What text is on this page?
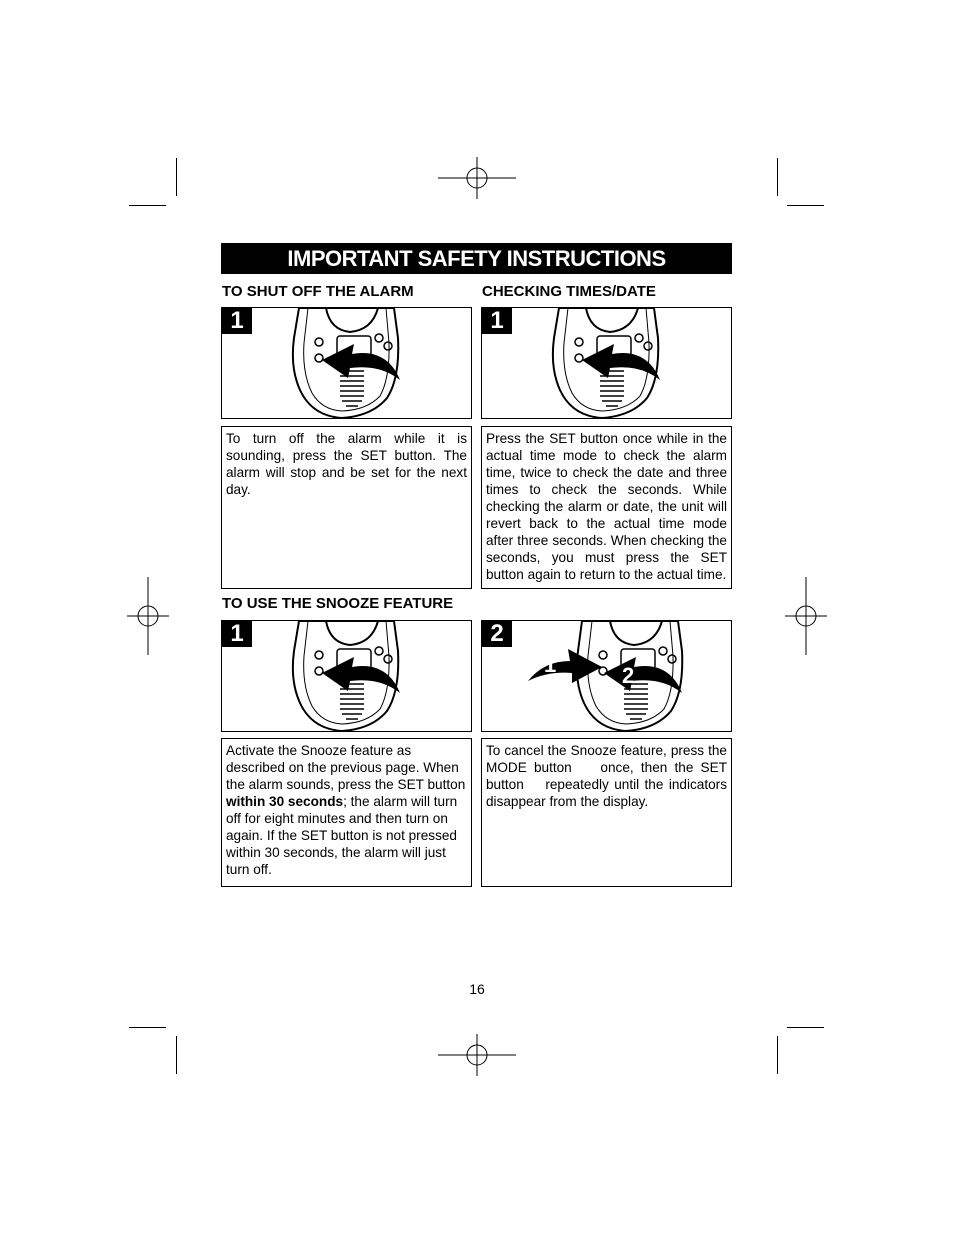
IMPORTANT SAFETY INSTRUCTIONS
TO SHUT OFF THE ALARM	CHECKING TIMES/DATE
TO USE THE SNOOZE FEATURE
1	1
To turn off the alarm while it is sounding, press the SET button. The alarm will stop and be set for the next day.
Press the SET button once while in the actual time mode to check the alarm time, twice to check the date and three times to check the seconds. While checking the alarm or date, the unit will revert back to the actual time mode after three seconds. When checking the seconds, you must press the SET button again to return to the actual time.
1
1	2
2
Activate the Snooze feature as described on the previous page. When the alarm sounds, press the SET button within 30 seconds; the alarm will turn off for eight minutes and then turn on again. If the SET button is not pressed within 30 seconds, the alarm will just turn off.
To cancel the Snooze feature, press the MODE button    once, then the SET button    repeatedly until the indicators disappear from the display.
16
